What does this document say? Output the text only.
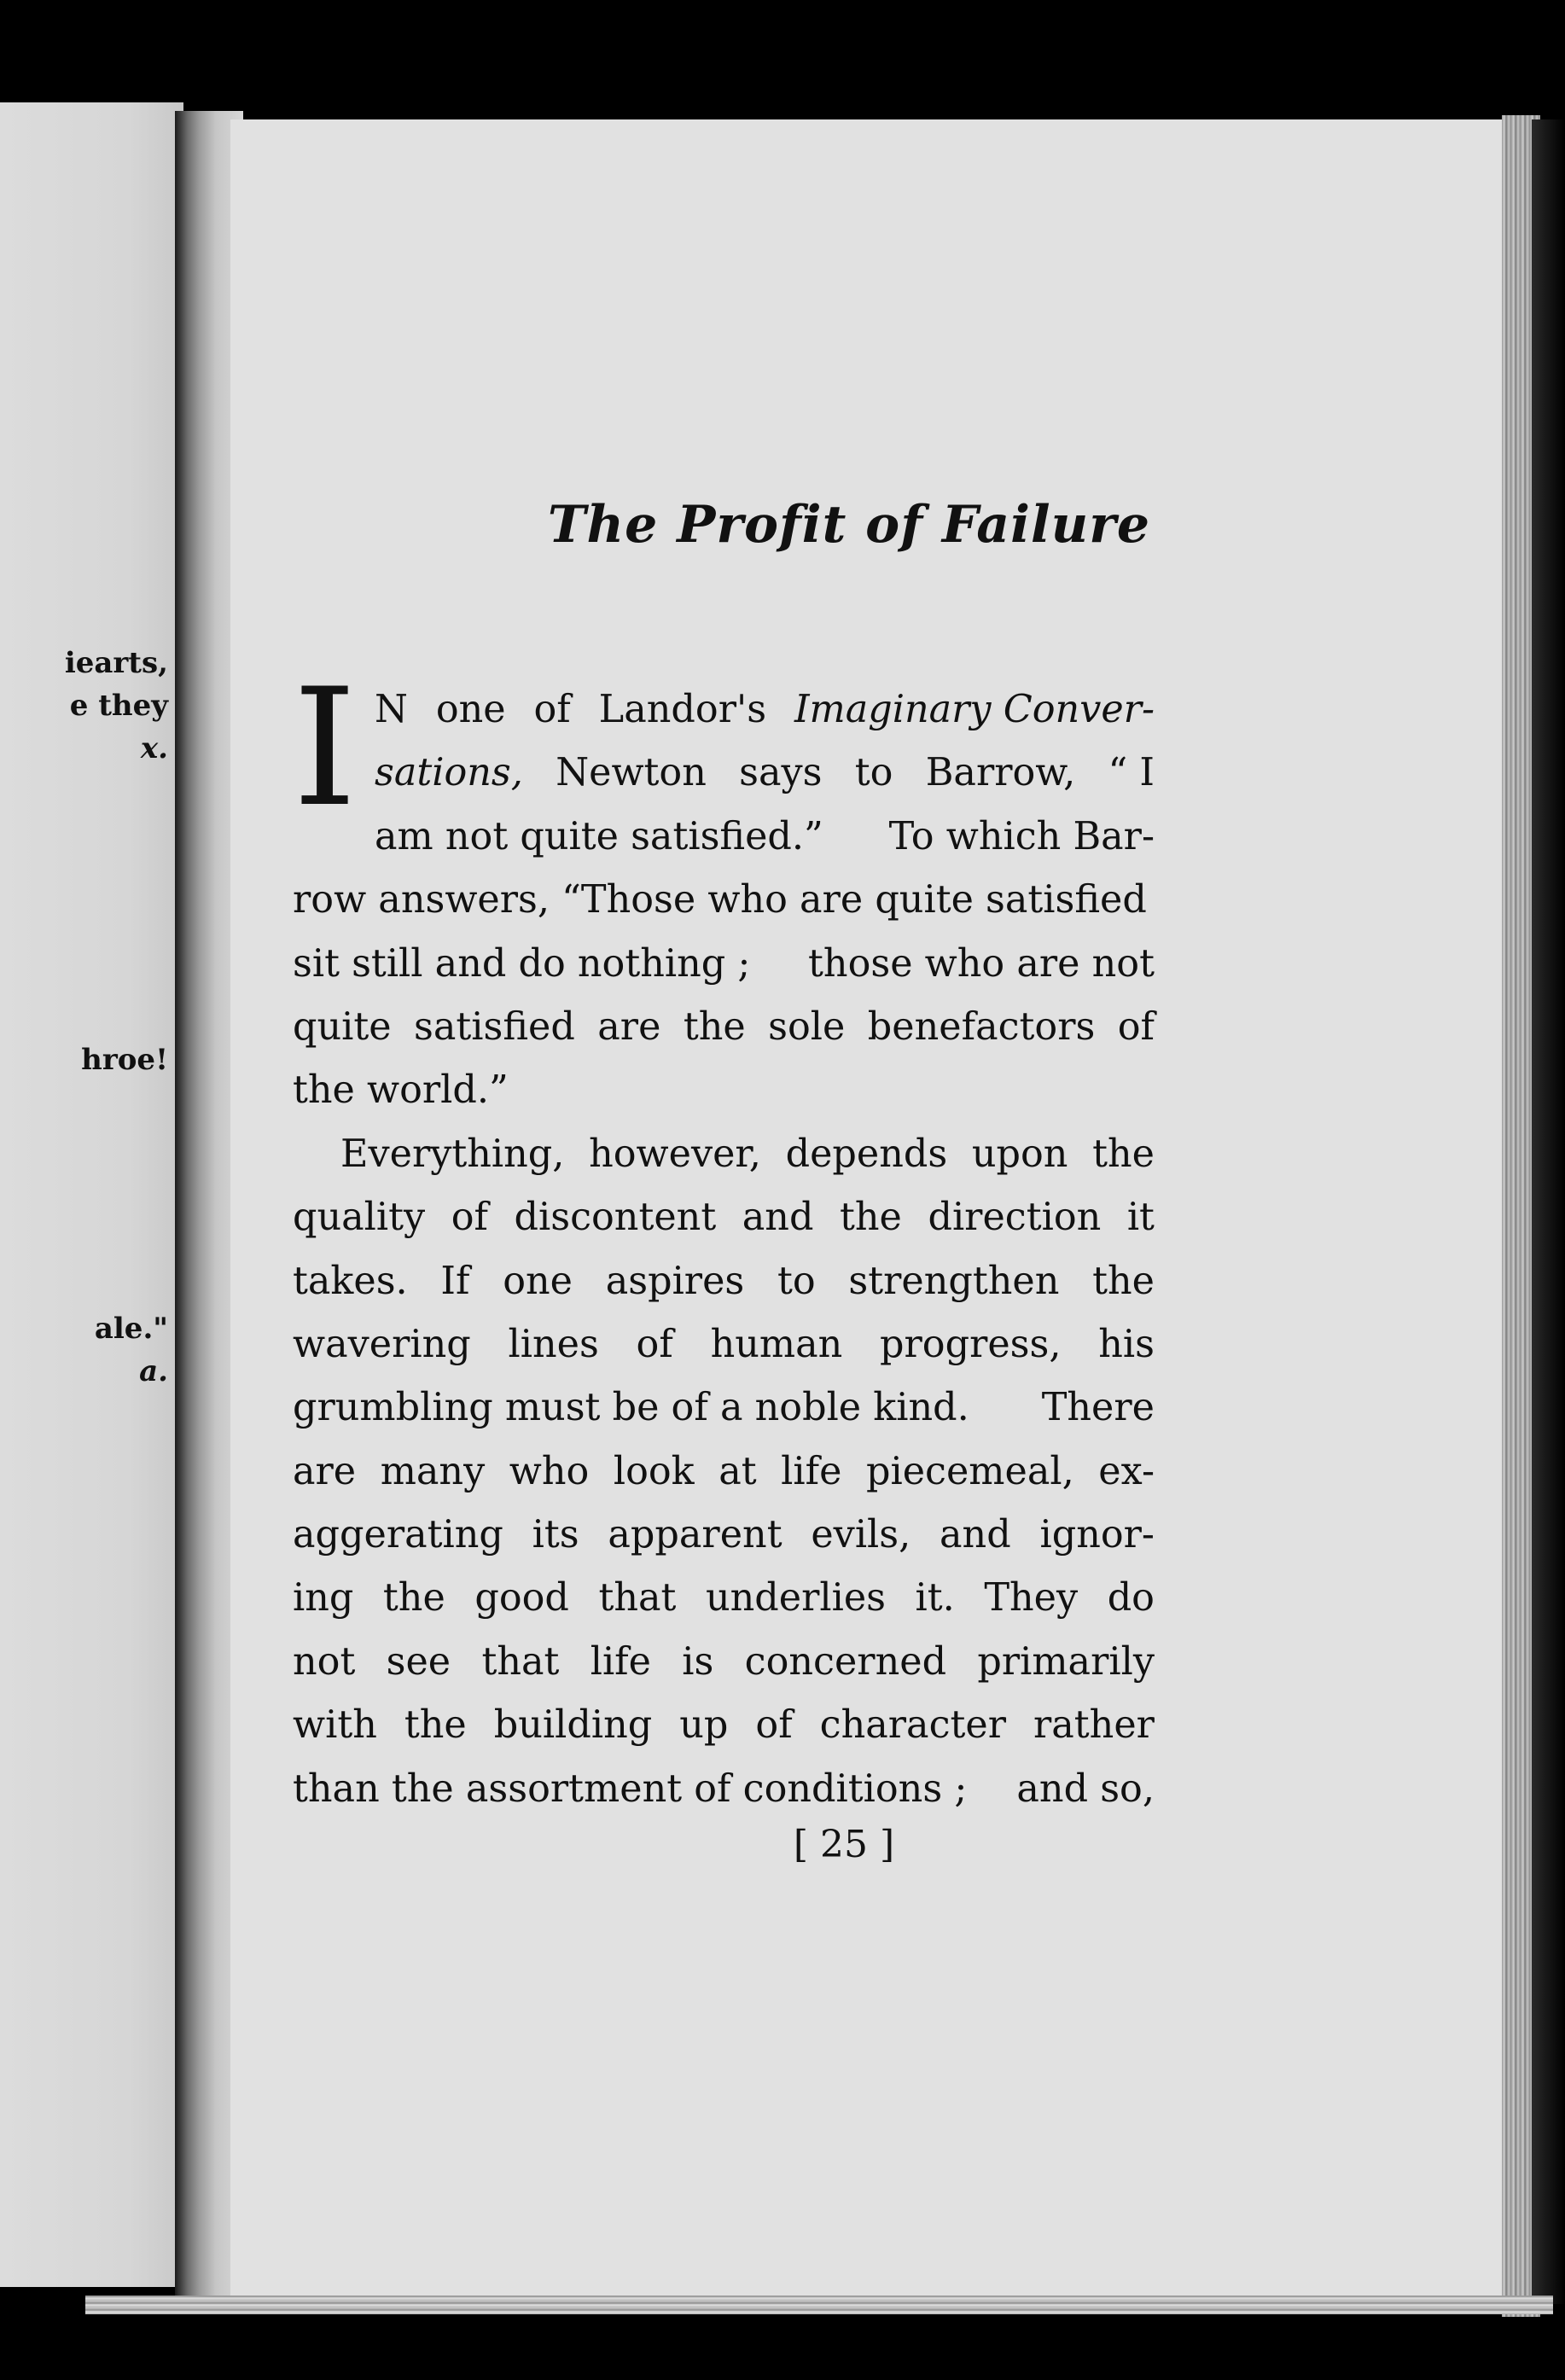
iearts,
e they
x.
hroe!
ale."
a.
The Profit of Failure
[ 25 ]
I N one of Landor's Imaginary Conver-
sations, Newton says to Barrow, “ I
am not quite satisfied.” To which Bar-
row answers, “Those who are quite satisfied
sit still and do nothing ; those who are not
quite satisfied are the sole benefactors of
the world.”
Everything, however, depends upon the
quality of discontent and the direction it
takes. If one aspires to strengthen the
wavering lines of human progress, his
grumbling must be of a noble kind. There
are many who look at life piecemeal, ex-
aggerating its apparent evils, and ignor-
ing the good that underlies it. They do
not see that life is concerned primarily
with the building up of character rather
than the assortment of conditions ; and so,
